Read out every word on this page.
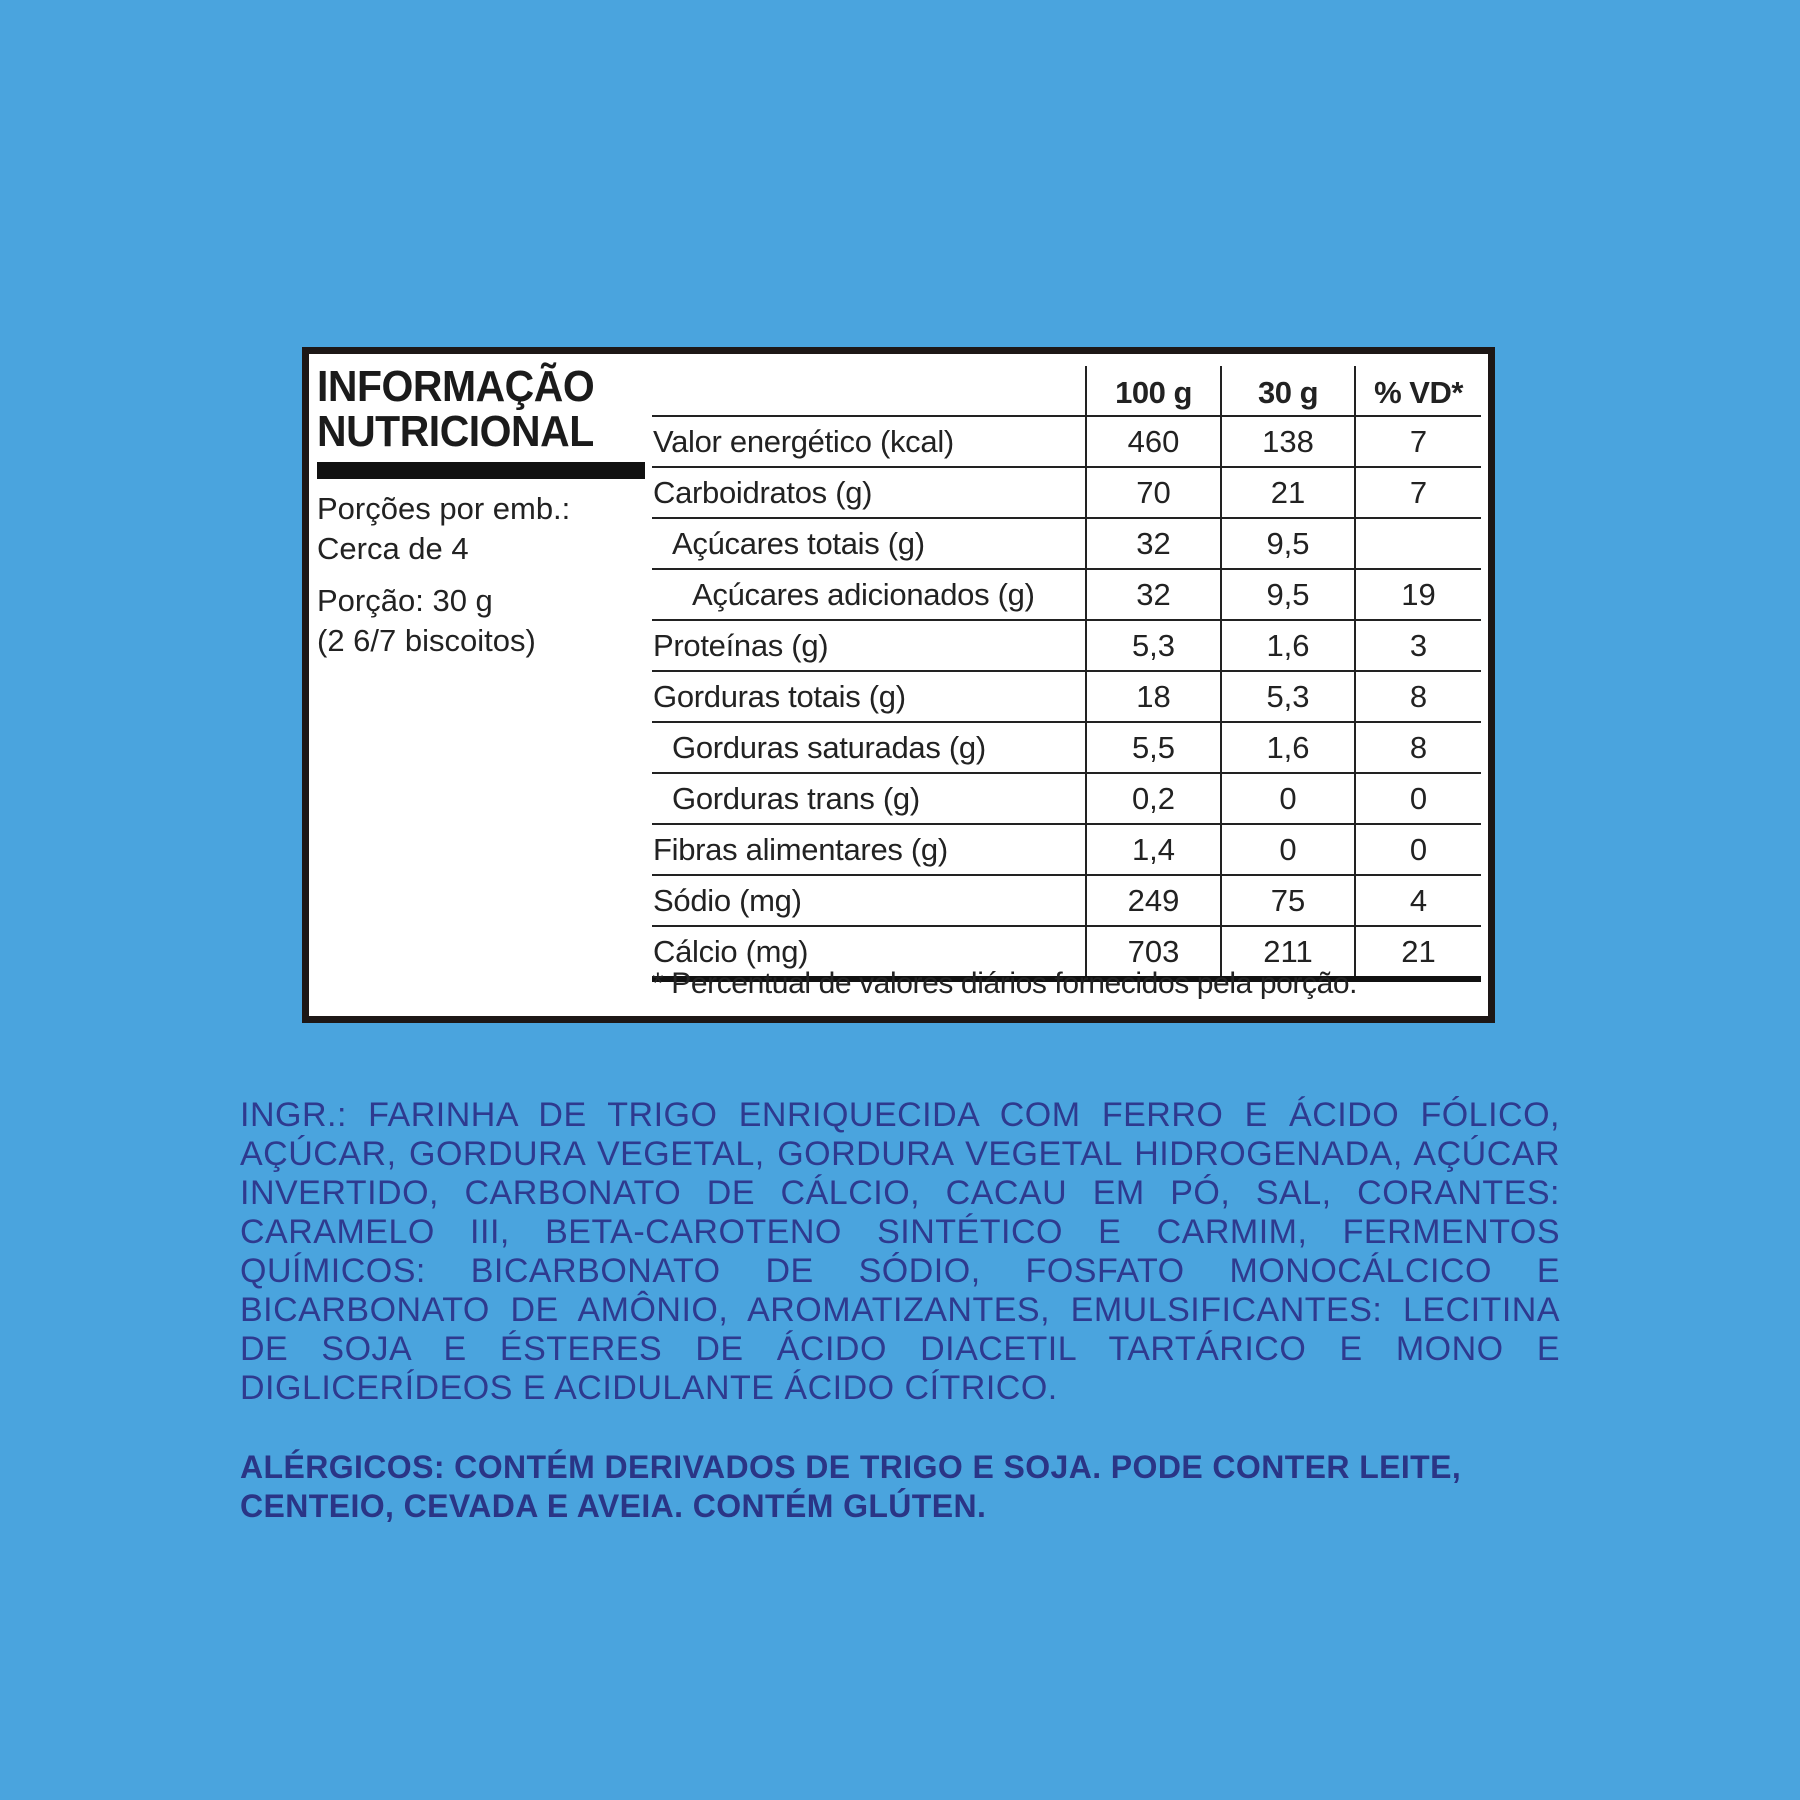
INFORMAÇÃO
NUTRICIONAL
Porções por emb.:
Cerca de 4
Porção: 30 g
(2 6/7 biscoitos)
	100 g	30 g	% VD*
Valor energético (kcal)	460	138	7
Carboidratos (g)	70	21	7
Açúcares totais (g)	32	9,5	
Açúcares adicionados (g)	32	9,5	19
Proteínas (g)	5,3	1,6	3
Gorduras totais (g)	18	5,3	8
Gorduras saturadas (g)	5,5	1,6	8
Gorduras trans (g)	0,2	0	0
Fibras alimentares (g)	1,4	0	0
Sódio (mg)	249	75	4
Cálcio (mg)	703	211	21
* Percentual de valores diários fornecidos pela porção.
INGR.: FARINHA DE TRIGO ENRIQUECIDA COM FERRO E ÁCIDO FÓLICO, AÇÚCAR, GORDURA VEGETAL, GORDURA VEGETAL HIDROGENADA, AÇÚCAR INVERTIDO, CARBONATO DE CÁLCIO, CACAU EM PÓ, SAL, CORANTES: CARAMELO III, BETA-CAROTENO SINTÉTICO E CARMIM, FERMENTOS QUÍMICOS: BICARBONATO DE SÓDIO, FOSFATO MONOCÁLCICO E BICARBONATO DE AMÔNIO, AROMATIZANTES, EMULSIFICANTES: LECITINA DE SOJA E ÉSTERES DE ÁCIDO DIACETIL TARTÁRICO E MONO E DIGLICERÍDEOS E ACIDULANTE ÁCIDO CÍTRICO.
ALÉRGICOS: CONTÉM DERIVADOS DE TRIGO E SOJA. PODE CONTER LEITE, CENTEIO, CEVADA E AVEIA. CONTÉM GLÚTEN.
